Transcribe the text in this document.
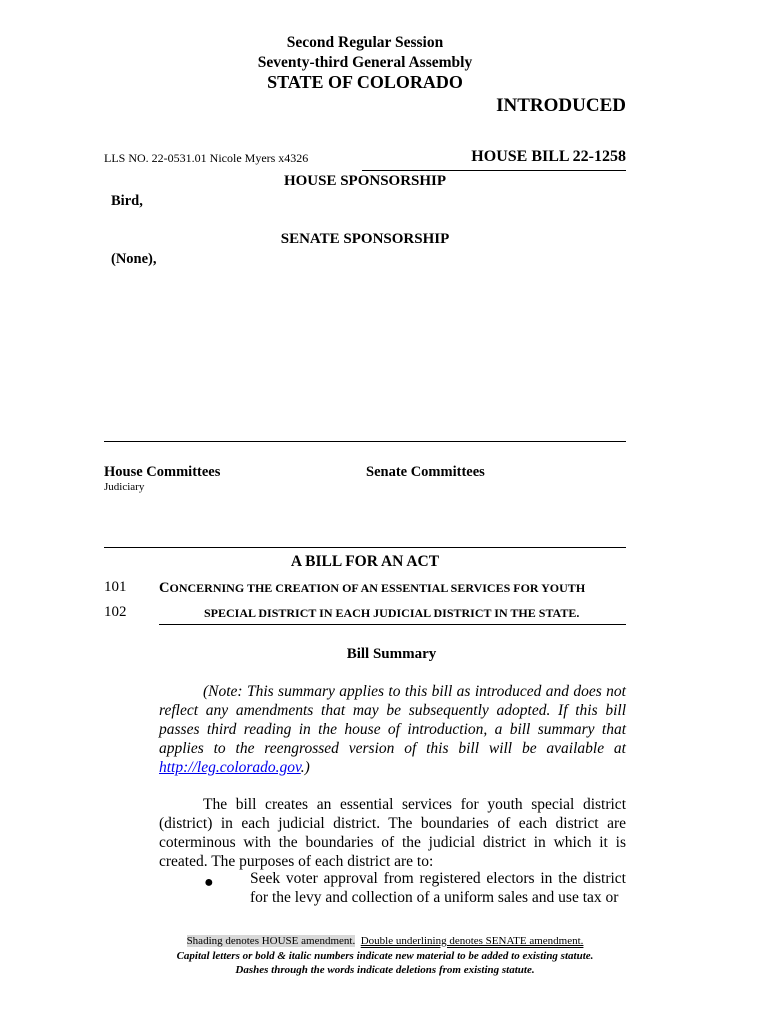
Second Regular Session
Seventy-third General Assembly
STATE OF COLORADO
INTRODUCED
LLS NO. 22-0531.01 Nicole Myers x4326	HOUSE BILL 22-1258
HOUSE SPONSORSHIP
Bird,
SENATE SPONSORSHIP
(None),
House Committees
Judiciary
Senate Committees
A BILL FOR AN ACT
101
102
CONCERNING THE CREATION OF AN ESSENTIAL SERVICES FOR YOUTH
SPECIAL DISTRICT IN EACH JUDICIAL DISTRICT IN THE STATE.
Bill Summary
(Note: This summary applies to this bill as introduced and does not reflect any amendments that may be subsequently adopted. If this bill passes third reading in the house of introduction, a bill summary that applies to the reengrossed version of this bill will be available at http://leg.colorado.gov.)
The bill creates an essential services for youth special district (district) in each judicial district. The boundaries of each district are coterminous with the boundaries of the judicial district in which it is created. The purposes of each district are to:
● Seek voter approval from registered electors in the district for the levy and collection of a uniform sales and use tax or
Shading denotes HOUSE amendment. Double underlining denotes SENATE amendment.
Capital letters or bold & italic numbers indicate new material to be added to existing statute.
Dashes through the words indicate deletions from existing statute.
